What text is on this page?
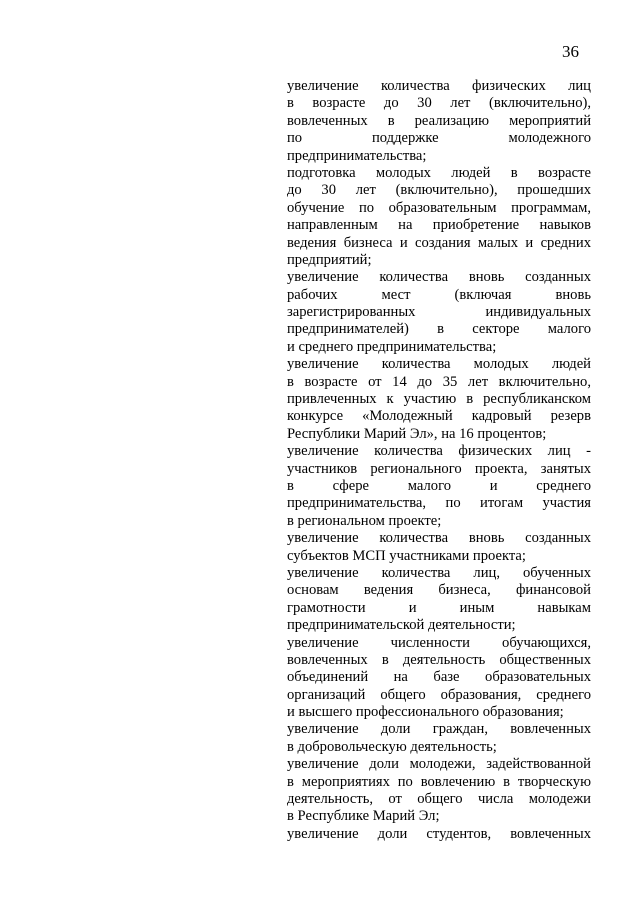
36
увеличение количества физических лиц
в возрасте до 30 лет (включительно),
вовлеченных в реализацию мероприятий
по поддержке молодежного
предпринимательства;
подготовка молодых людей в возрасте
до 30 лет (включительно), прошедших
обучение по образовательным программам,
направленным на приобретение навыков
ведения бизнеса и создания малых и средних
предприятий;
увеличение количества вновь созданных
рабочих мест (включая вновь
зарегистрированных индивидуальных
предпринимателей) в секторе малого
и среднего предпринимательства;
увеличение количества молодых людей
в возрасте от 14 до 35 лет включительно,
привлеченных к участию в республиканском
конкурсе «Молодежный кадровый резерв
Республики Марий Эл», на 16 процентов;
увеличение количества физических лиц -
участников регионального проекта, занятых
в сфере малого и среднего
предпринимательства, по итогам участия
в региональном проекте;
увеличение количества вновь созданных
субъектов МСП участниками проекта;
увеличение количества лиц, обученных
основам ведения бизнеса, финансовой
грамотности и иным навыкам
предпринимательской деятельности;
увеличение численности обучающихся,
вовлеченных в деятельность общественных
объединений на базе образовательных
организаций общего образования, среднего
и высшего профессионального образования;
увеличение доли граждан, вовлеченных
в добровольческую деятельность;
увеличение доли молодежи, задействованной
в мероприятиях по вовлечению в творческую
деятельность, от общего числа молодежи
в Республике Марий Эл;
увеличение доли студентов, вовлеченных
